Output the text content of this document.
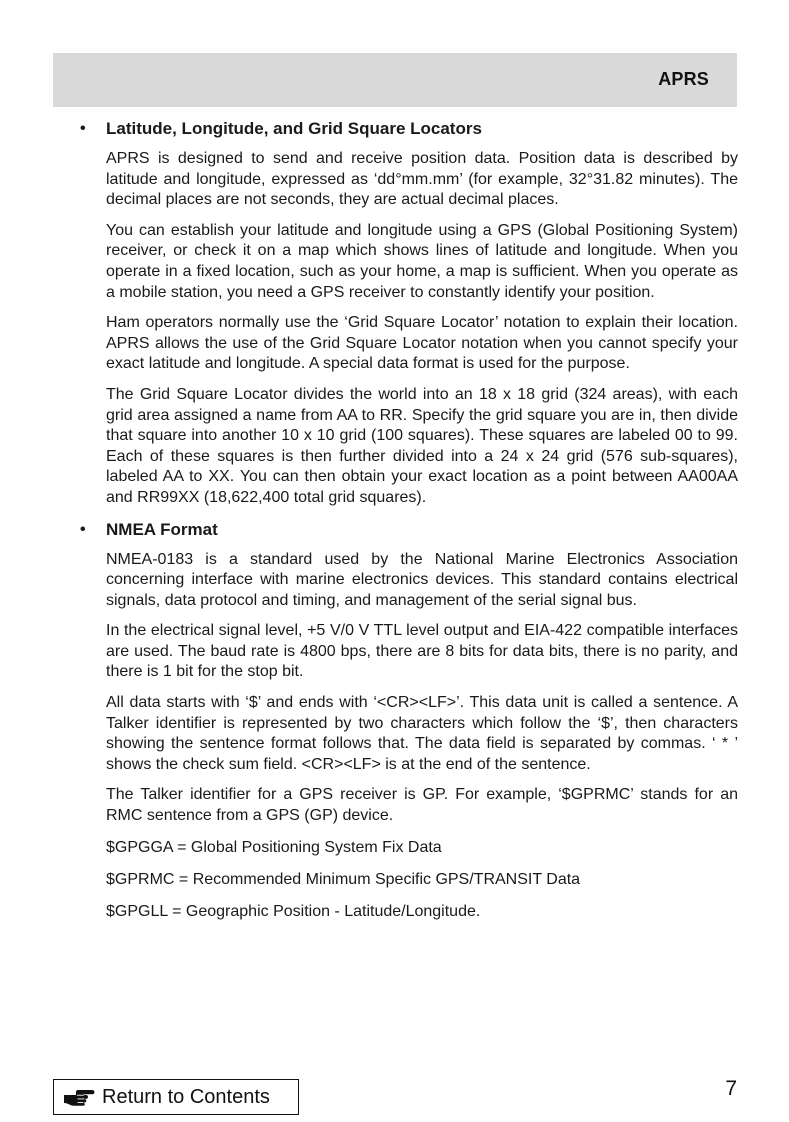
APRS
• Latitude, Longitude, and Grid Square Locators

APRS is designed to send and receive position data. Position data is described by latitude and longitude, expressed as ‘dd°mm.mm’ (for example, 32°31.82 minutes). The decimal places are not seconds, they are actual decimal places.

You can establish your latitude and longitude using a GPS (Global Positioning System) receiver, or check it on a map which shows lines of latitude and longitude. When you operate in a fixed location, such as your home, a map is sufficient. When you operate as a mobile station, you need a GPS receiver to constantly identify your position.

Ham operators normally use the ‘Grid Square Locator’ notation to explain their location. APRS allows the use of the Grid Square Locator notation when you cannot specify your exact latitude and longitude. A special data format is used for the purpose.

The Grid Square Locator divides the world into an 18 x 18 grid (324 areas), with each grid area assigned a name from AA to RR. Specify the grid square you are in, then divide that square into another 10 x 10 grid (100 squares). These squares are labeled 00 to 99. Each of these squares is then further divided into a 24 x 24 grid (576 sub-squares), labeled AA to XX. You can then obtain your exact location as a point between AA00AA and RR99XX (18,622,400 total grid squares).

• NMEA Format

NMEA-0183 is a standard used by the National Marine Electronics Association concerning interface with marine electronics devices. This standard contains electrical signals, data protocol and timing, and management of the serial signal bus.

In the electrical signal level, +5 V/0 V TTL level output and EIA-422 compatible interfaces are used. The baud rate is 4800 bps, there are 8 bits for data bits, there is no parity, and there is 1 bit for the stop bit.

All data starts with ‘$’ and ends with ‘<CR><LF>’. This data unit is called a sentence. A Talker identifier is represented by two characters which follow the ‘$’, then characters showing the sentence format follows that. The data field is separated by commas. ‘ * ’ shows the check sum field. <CR><LF> is at the end of the sentence.

The Talker identifier for a GPS receiver is GP. For example, ‘$GPRMC’ stands for an RMC sentence from a GPS (GP) device.

$GPGGA = Global Positioning System Fix Data

$GPRMC = Recommended Minimum Specific GPS/TRANSIT Data

$GPGLL = Geographic Position - Latitude/Longitude.

Return to Contents	7
